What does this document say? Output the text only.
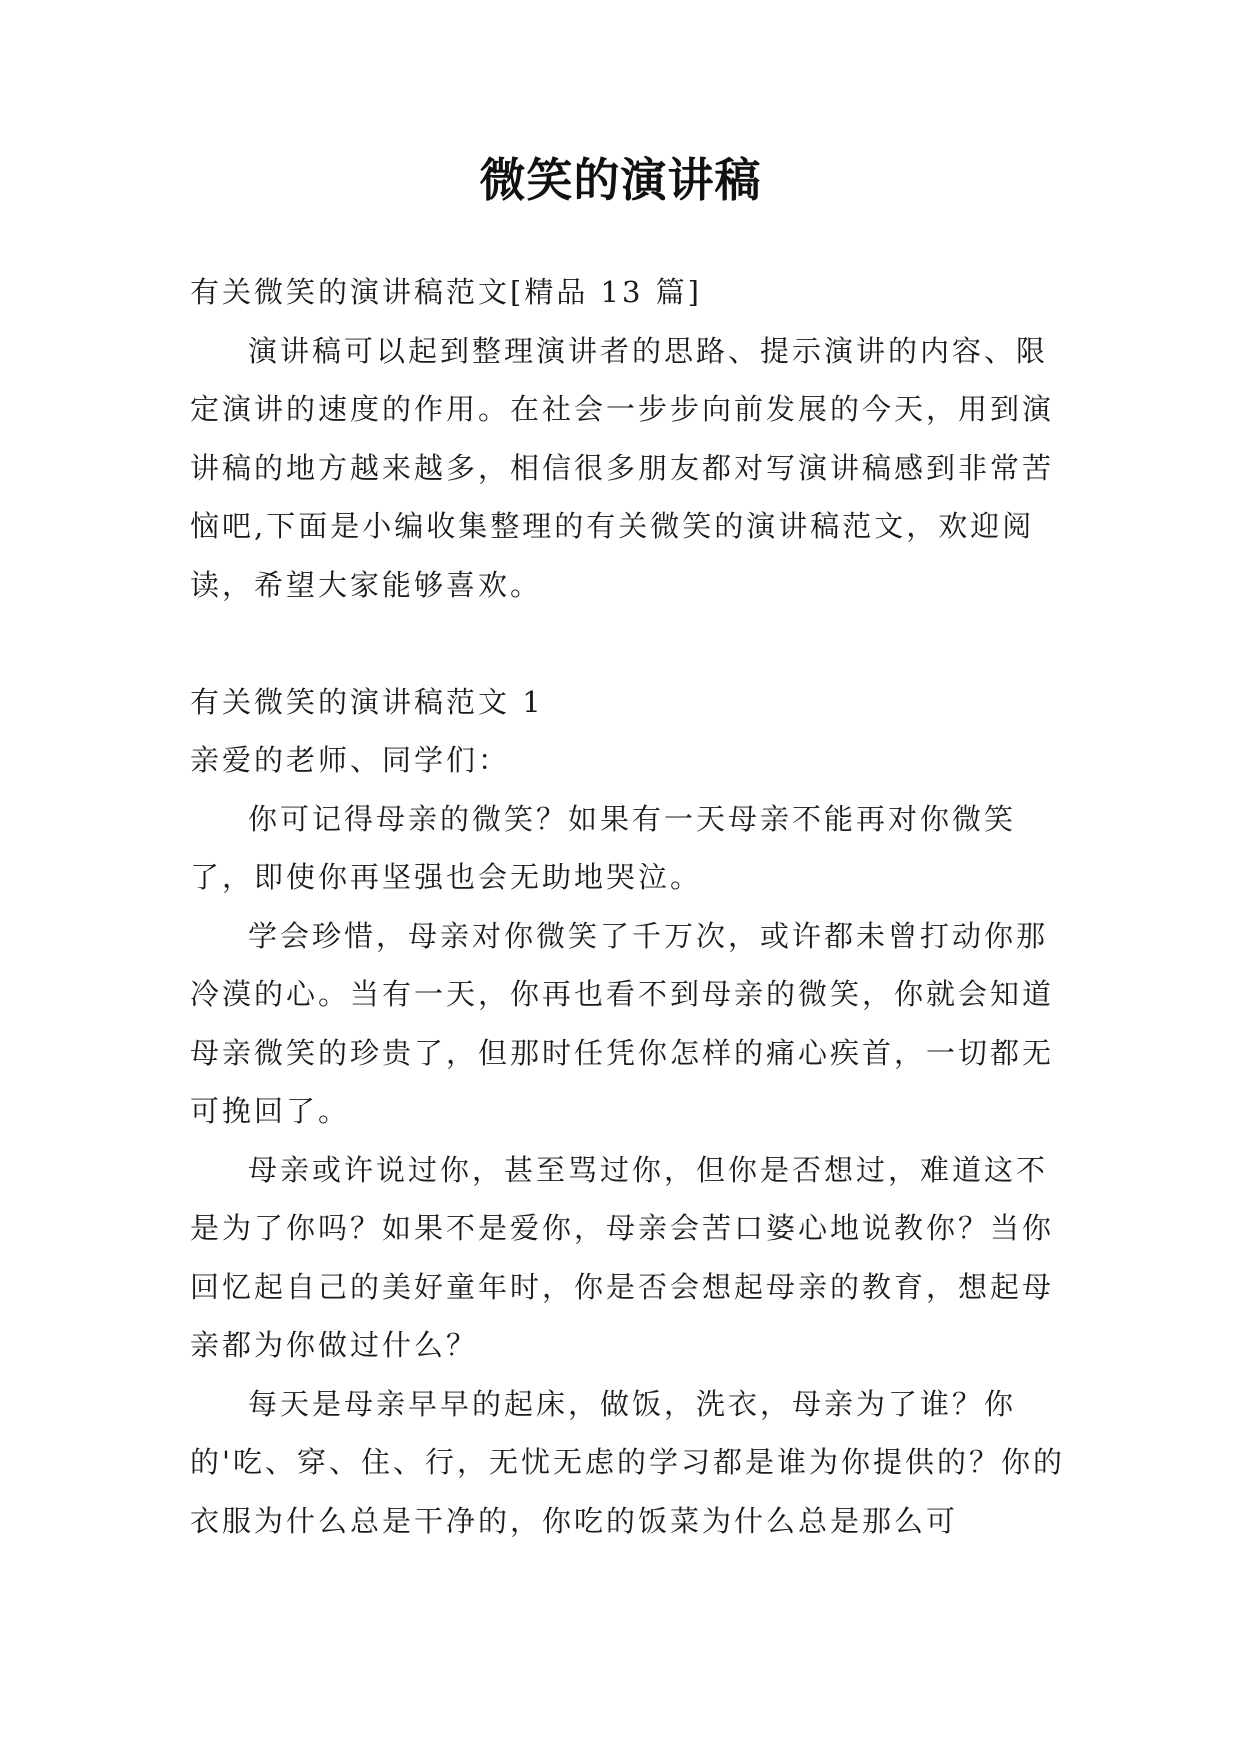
微笑的演讲稿

有关微笑的演讲稿范文[精品 13 篇]

演讲稿可以起到整理演讲者的思路、提示演讲的内容、限定演讲的速度的作用。在社会一步步向前发展的今天，用到演讲稿的地方越来越多，相信很多朋友都对写演讲稿感到非常苦恼吧,下面是小编收集整理的有关微笑的演讲稿范文，欢迎阅读，希望大家能够喜欢。

有关微笑的演讲稿范文 1

亲爱的老师、同学们：

你可记得母亲的微笑？如果有一天母亲不能再对你微笑了，即使你再坚强也会无助地哭泣。

学会珍惜，母亲对你微笑了千万次，或许都未曾打动你那冷漠的心。当有一天，你再也看不到母亲的微笑，你就会知道母亲微笑的珍贵了，但那时任凭你怎样的痛心疾首，一切都无可挽回了。

母亲或许说过你，甚至骂过你，但你是否想过，难道这不是为了你吗？如果不是爱你，母亲会苦口婆心地说教你？当你回忆起自己的美好童年时，你是否会想起母亲的教育，想起母亲都为你做过什么？

每天是母亲早早的起床，做饭，洗衣，母亲为了谁？你的'吃、穿、住、行，无忧无虑的学习都是谁为你提供的？你的衣服为什么总是干净的，你吃的饭菜为什么总是那么可
